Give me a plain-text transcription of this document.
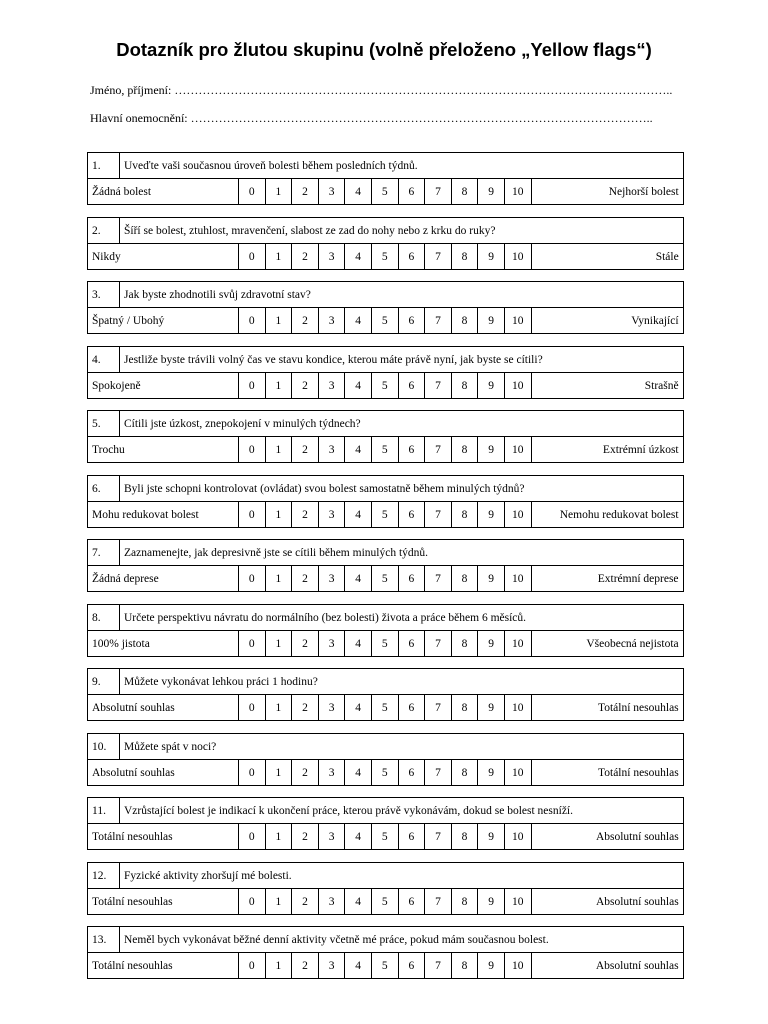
Dotazník pro žlutou skupinu (volně přeloženo „Yellow flags“)
Jméno, příjmení: ……………………………………………………………………………………………………………..
Hlavní onemocnění: ……………………………………………………………………………………………………..
1.	Uveďte vaši současnou úroveň bolesti během posledních týdnů.												
Žádná bolest		0	1	2	3	4	5	6	7	8	9	10	Nejhorší bolest
2.	Šíří se bolest, ztuhlost, mravenčení, slabost ze zad do nohy nebo z krku do ruky?												
Nikdy		0	1	2	3	4	5	6	7	8	9	10	Stále
3.	Jak byste zhodnotili svůj zdravotní stav?												
Špatný / Ubohý		0	1	2	3	4	5	6	7	8	9	10	Vynikající
4.	Jestliže byste trávili volný čas ve stavu kondice, kterou máte právě nyní, jak byste se cítili?												
Spokojeně		0	1	2	3	4	5	6	7	8	9	10	Strašně
5.	Cítili jste úzkost, znepokojení v minulých týdnech?												
Trochu		0	1	2	3	4	5	6	7	8	9	10	Extrémní úzkost
6.	Byli jste schopni kontrolovat (ovládat) svou bolest samostatně během minulých týdnů?												
Mohu redukovat bolest		0	1	2	3	4	5	6	7	8	9	10	Nemohu redukovat bolest
7.	Zaznamenejte, jak depresivně jste se cítili během minulých týdnů.												
Žádná deprese		0	1	2	3	4	5	6	7	8	9	10	Extrémní deprese
8.	Určete perspektivu návratu do normálního (bez bolesti) života a práce během 6 měsíců.												
100% jistota		0	1	2	3	4	5	6	7	8	9	10	Všeobecná nejistota
9.	Můžete vykonávat lehkou práci 1 hodinu?												
Absolutní souhlas		0	1	2	3	4	5	6	7	8	9	10	Totální nesouhlas
10.	Můžete spát v noci?												
Absolutní souhlas		0	1	2	3	4	5	6	7	8	9	10	Totální nesouhlas
11.	Vzrůstající bolest je indikací k ukončení práce, kterou právě vykonávám, dokud se bolest nesníží.												
Totální nesouhlas		0	1	2	3	4	5	6	7	8	9	10	Absolutní souhlas
12.	Fyzické aktivity zhoršují mé bolesti.												
Totální nesouhlas		0	1	2	3	4	5	6	7	8	9	10	Absolutní souhlas
13.	Neměl bych vykonávat běžné denní aktivity včetně mé práce, pokud mám současnou bolest.												
Totální nesouhlas		0	1	2	3	4	5	6	7	8	9	10	Absolutní souhlas
